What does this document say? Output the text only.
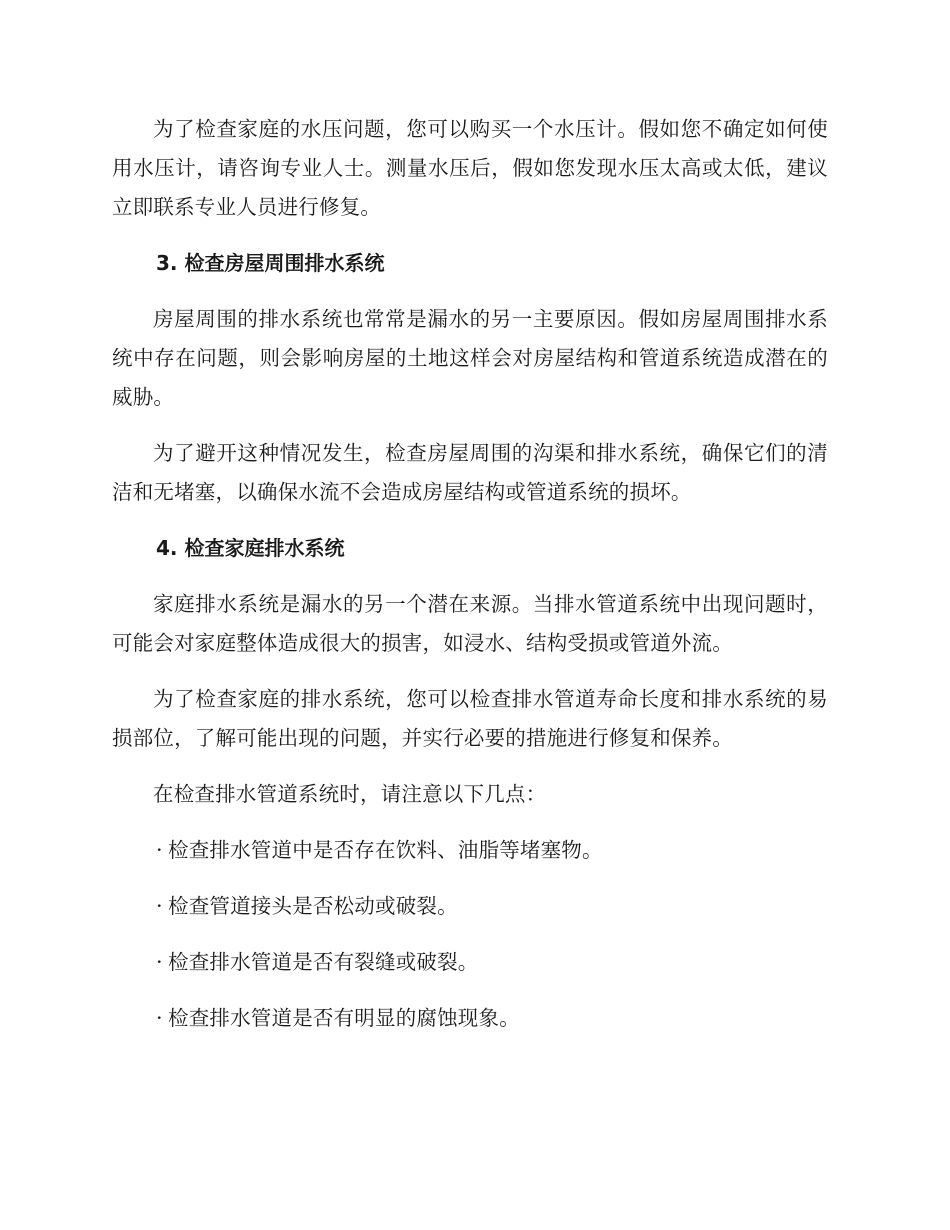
为了检查家庭的水压问题，您可以购买一个水压计。假如您不确定如何使用水压计，请咨询专业人士。测量水压后，假如您发现水压太高或太低，建议立即联系专业人员进行修复。

3. 检查房屋周围排水系统

房屋周围的排水系统也常常是漏水的另一主要原因。假如房屋周围排水系统中存在问题，则会影响房屋的土地这样会对房屋结构和管道系统造成潜在的威胁。

为了避开这种情况发生，检查房屋周围的沟渠和排水系统，确保它们的清洁和无堵塞，以确保水流不会造成房屋结构或管道系统的损坏。

4. 检查家庭排水系统

家庭排水系统是漏水的另一个潜在来源。当排水管道系统中出现问题时，可能会对家庭整体造成很大的损害，如浸水、结构受损或管道外流。

为了检查家庭的排水系统，您可以检查排水管道寿命长度和排水系统的易损部位，了解可能出现的问题，并实行必要的措施进行修复和保养。

在检查排水管道系统时，请注意以下几点：

· 检查排水管道中是否存在饮料、油脂等堵塞物。

· 检查管道接头是否松动或破裂。

· 检查排水管道是否有裂缝或破裂。

· 检查排水管道是否有明显的腐蚀现象。
